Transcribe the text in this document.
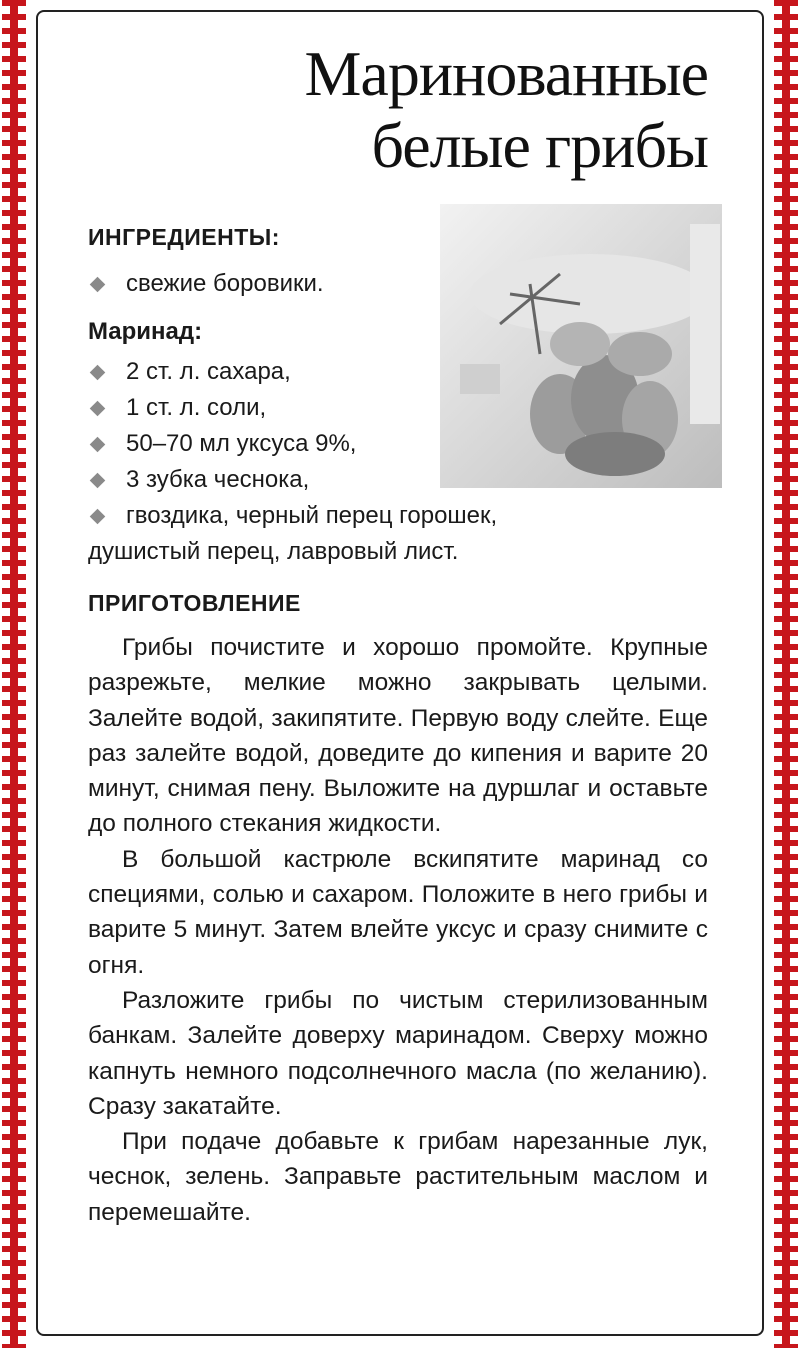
Маринованные
белые грибы
ИНГРЕДИЕНТЫ:
свежие боровики.
Маринад:
2 ст. л. сахара,
1 ст. л. соли,
50–70 мл уксуса 9%,
3 зубка чеснока,
гвоздика, черный перец горошек,
душистый перец, лавровый лист.
ПРИГОТОВЛЕНИЕ

Грибы почистите и хорошо промойте. Крупные разрежьте, мелкие можно закрывать целыми. Залейте водой, закипятите. Первую воду слейте. Еще раз залейте водой, доведите до кипения и варите 20 минут, снимая пену. Выложите на дуршлаг и оставьте до полного стекания жидкости.

В большой кастрюле вскипятите маринад со специями, солью и сахаром. Положите в него грибы и варите 5 минут. Затем влейте уксус и сразу снимите с огня.

Разложите грибы по чистым стерилизованным банкам. Залейте доверху маринадом. Сверху можно капнуть немного подсолнечного масла (по желанию). Сразу закатайте.

При подаче добавьте к грибам нарезанные лук, чеснок, зелень. Заправьте растительным маслом и перемешайте.
